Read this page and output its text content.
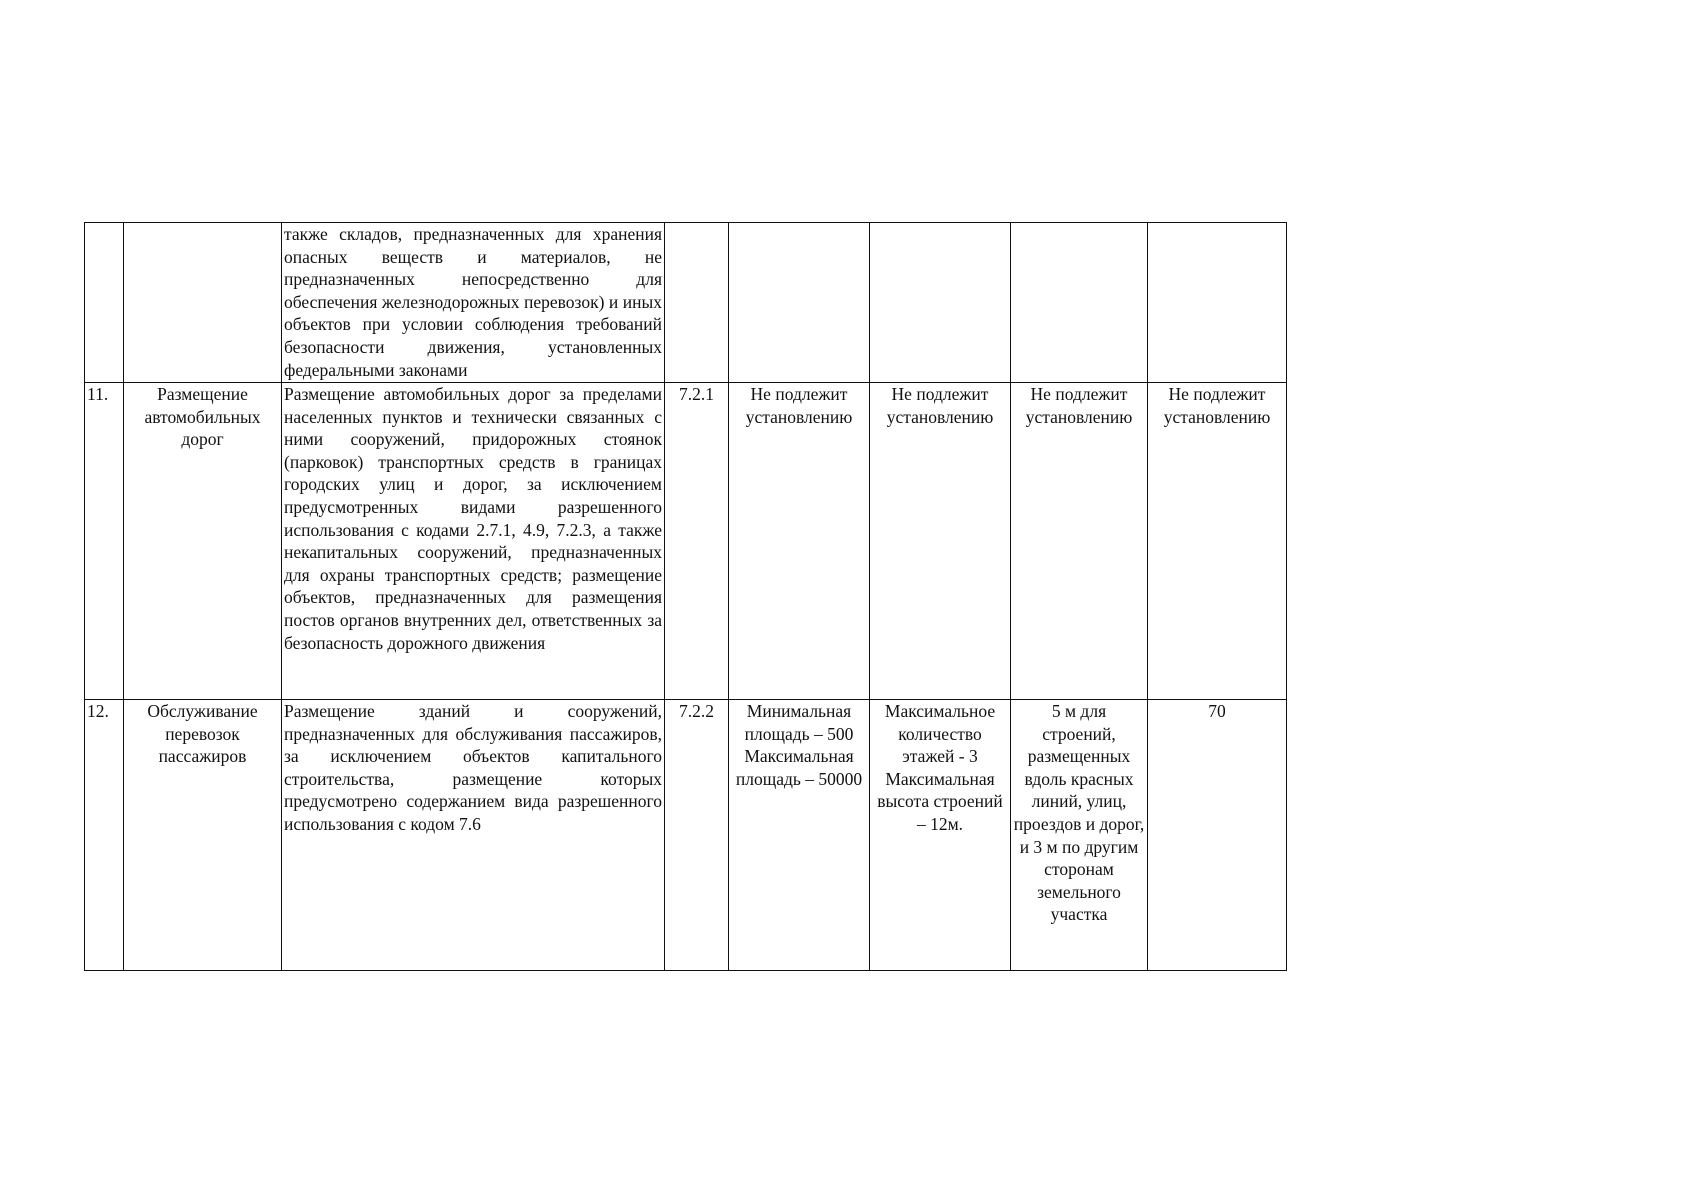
		также складов, предназначенных для хранения опасных веществ и материалов, не предназначенных непосредственно для обеспечения железнодорожных перевозок) и иных объектов при условии соблюдения требований безопасности движения, установленных федеральными законами					
11.	Размещение автомобильных дорог	Размещение автомобильных дорог за пределами населенных пунктов и технически связанных с ними сооружений, придорожных стоянок (парковок) транспортных средств в границах городских улиц и дорог, за исключением предусмотренных видами разрешенного использования с кодами 2.7.1, 4.9, 7.2.3, а также некапитальных сооружений, предназначенных для охраны транспортных средств; размещение объектов, предназначенных для размещения постов органов внутренних дел, ответственных за безопасность дорожного движения	7.2.1	Не подлежит установлению	Не подлежит установлению	Не подлежит установлению	Не подлежит установлению
12.	Обслуживание перевозок пассажиров	Размещение зданий и сооружений, предназначенных для обслуживания пассажиров, за исключением объектов капитального строительства, размещение которых предусмотрено содержанием вида разрешенного использования с кодом 7.6	7.2.2	Минимальная площадь – 500 Максимальная площадь – 50000	Максимальное количество этажей - 3 Максимальная высота строений – 12м.	5 м для строений, размещенных вдоль красных линий, улиц, проездов и дорог, и 3 м по другим сторонам земельного участка	70
